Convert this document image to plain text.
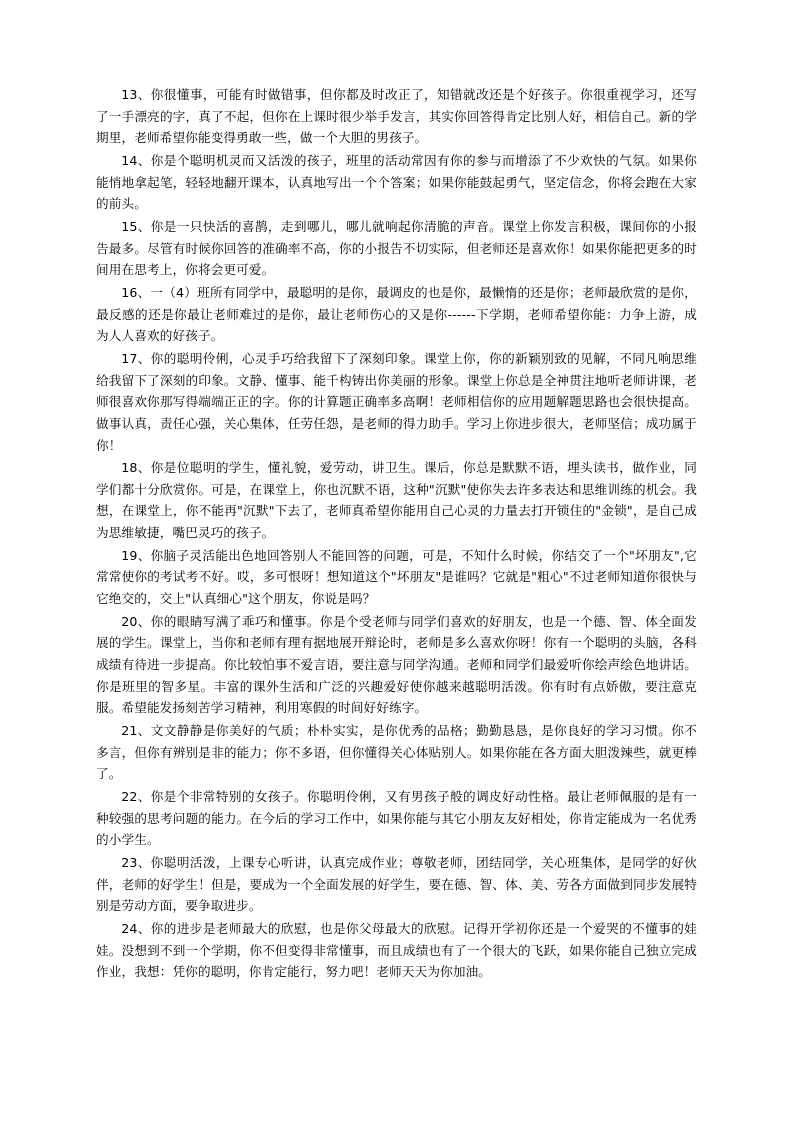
13、你很懂事，可能有时做错事，但你都及时改正了，知错就改还是个好孩子。你很重视学习，还写了一手漂亮的字，真了不起，但你在上课时很少举手发言，其实你回答得肯定比别人好，相信自己。新的学期里，老师希望你能变得勇敢一些，做一个大胆的男孩子。

14、你是个聪明机灵而又活泼的孩子，班里的活动常因有你的参与而增添了不少欢快的气氛。如果你能悄地拿起笔，轻轻地翻开课本，认真地写出一个个答案；如果你能鼓起勇气，坚定信念，你将会跑在大家的前头。

15、你是一只快活的喜鹊，走到哪儿，哪儿就响起你清脆的声音。课堂上你发言积极，课间你的小报告最多。尽管有时候你回答的准确率不高，你的小报告不切实际，但老师还是喜欢你！如果你能把更多的时间用在思考上，你将会更可爱。

16、一（4）班所有同学中，最聪明的是你，最调皮的也是你，最懒惰的还是你；老师最欣赏的是你，最反感的还是你最让老师难过的是你，最让老师伤心的又是你------下学期，老师希望你能：力争上游，成为人人喜欢的好孩子。

17、你的聪明伶俐，心灵手巧给我留下了深刻印象。课堂上你，你的新颖别致的见解，不同凡响思维给我留下了深刻的印象。文静、懂事、能千构铸出你美丽的形象。课堂上你总是全神贯注地听老师讲课，老师很喜欢你那写得端端正正的字。你的计算题正确率多高啊！老师相信你的应用题解题思路也会很快提高。做事认真，责任心强，关心集体，任劳任怨，是老师的得力助手。学习上你进步很大，老师坚信；成功属于你！

18、你是位聪明的学生，懂礼貌，爱劳动，讲卫生。课后，你总是默默不语，埋头读书，做作业，同学们都十分欣赏你。可是，在课堂上，你也沉默不语，这种"沉默"使你失去许多表达和思维训练的机会。我想，在课堂上，你不能再"沉默"下去了，老师真希望你能用自己心灵的力量去打开锁住的"金锁"，是自己成为思维敏捷，嘴巴灵巧的孩子。

19、你脑子灵活能出色地回答别人不能回答的问题，可是，不知什么时候，你结交了一个"坏朋友",它常常使你的考试考不好。哎，多可恨呀！想知道这个"坏朋友"是谁吗？它就是"粗心"不过老师知道你很快与它绝交的，交上"认真细心"这个朋友，你说是吗？

20、你的眼睛写满了乖巧和懂事。你是个受老师与同学们喜欢的好朋友，也是一个德、智、体全面发展的学生。课堂上，当你和老师有理有据地展开辩论时，老师是多么喜欢你呀！你有一个聪明的头脑，各科成绩有待进一步提高。你比较怕事不爱言语，要注意与同学沟通。老师和同学们最爱听你绘声绘色地讲话。你是班里的智多星。丰富的课外生活和广泛的兴趣爱好使你越来越聪明活泼。你有时有点娇傲，要注意克服。希望能发扬刻苦学习精神，利用寒假的时间好好练字。

21、文文静静是你美好的气质；朴朴实实，是你优秀的品格；勤勤恳恳，是你良好的学习习惯。你不多言，但你有辨别是非的能力；你不多语，但你懂得关心体贴别人。如果你能在各方面大胆泼辣些，就更棒了。

22、你是个非常特别的女孩子。你聪明伶俐，又有男孩子般的调皮好动性格。最让老师佩服的是有一种较强的思考问题的能力。在今后的学习工作中，如果你能与其它小朋友友好相处，你肯定能成为一名优秀的小学生。

23、你聪明活泼，上课专心听讲，认真完成作业；尊敬老师，团结同学，关心班集体，是同学的好伙伴，老师的好学生！但是，要成为一个全面发展的好学生，要在德、智、体、美、劳各方面做到同步发展特别是劳动方面，要争取进步。

24、你的进步是老师最大的欣慰，也是你父母最大的欣慰。记得开学初你还是一个爱哭的不懂事的娃娃。没想到不到一个学期，你不但变得非常懂事，而且成绩也有了一个很大的飞跃，如果你能自己独立完成作业，我想：凭你的聪明，你肯定能行，努力吧！老师天天为你加油。
